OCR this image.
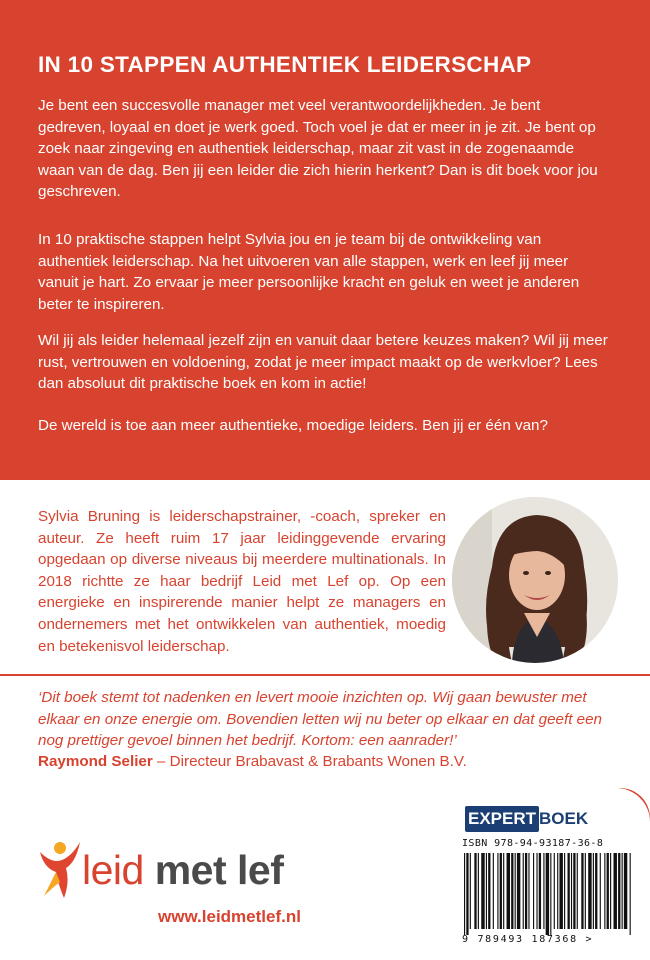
IN 10 STAPPEN AUTHENTIEK LEIDERSCHAP

Je bent een succesvolle manager met veel verantwoordelijkheden. Je bent gedreven, loyaal en doet je werk goed. Toch voel je dat er meer in je zit. Je bent op zoek naar zingeving en authentiek leiderschap, maar zit vast in de zogenaamde waan van de dag. Ben jij een leider die zich hierin herkent? Dan is dit boek voor jou geschreven.

In 10 praktische stappen helpt Sylvia jou en je team bij de ontwikkeling van authentiek leiderschap. Na het uitvoeren van alle stappen, werk en leef jij meer vanuit je hart. Zo ervaar je meer persoonlijke kracht en geluk en weet je anderen beter te inspireren.

Wil jij als leider helemaal jezelf zijn en vanuit daar betere keuzes maken? Wil jij meer rust, vertrouwen en voldoening, zodat je meer impact maakt op de werkvloer? Lees dan absoluut dit praktische boek en kom in actie!

De wereld is toe aan meer authentieke, moedige leiders. Ben jij er één van?

Sylvia Bruning is leiderschapstrainer, -coach, spreker en auteur. Ze heeft ruim 17 jaar leidinggevende ervaring opgedaan op diverse niveaus bij meerdere multinationals. In 2018 richtte ze haar bedrijf Leid met Lef op. Op een energieke en inspirerende manier helpt ze managers en ondernemers met het ontwikkelen van authentiek, moedig en betekenisvol leiderschap.

‘Dit boek stemt tot nadenken en levert mooie inzichten op. Wij gaan bewuster met elkaar en onze energie om. Bovendien letten wij nu beter op elkaar en dat geeft een nog prettiger gevoel binnen het bedrijf. Kortom: een aanrader!’

Raymond Selier – Directeur Brabavast & Brabants Wonen B.V.

leid met lef
www.leidmetlef.nl
EXPERT BOEK
ISBN 978-94-93187-36-8
9 789493 187368 >
